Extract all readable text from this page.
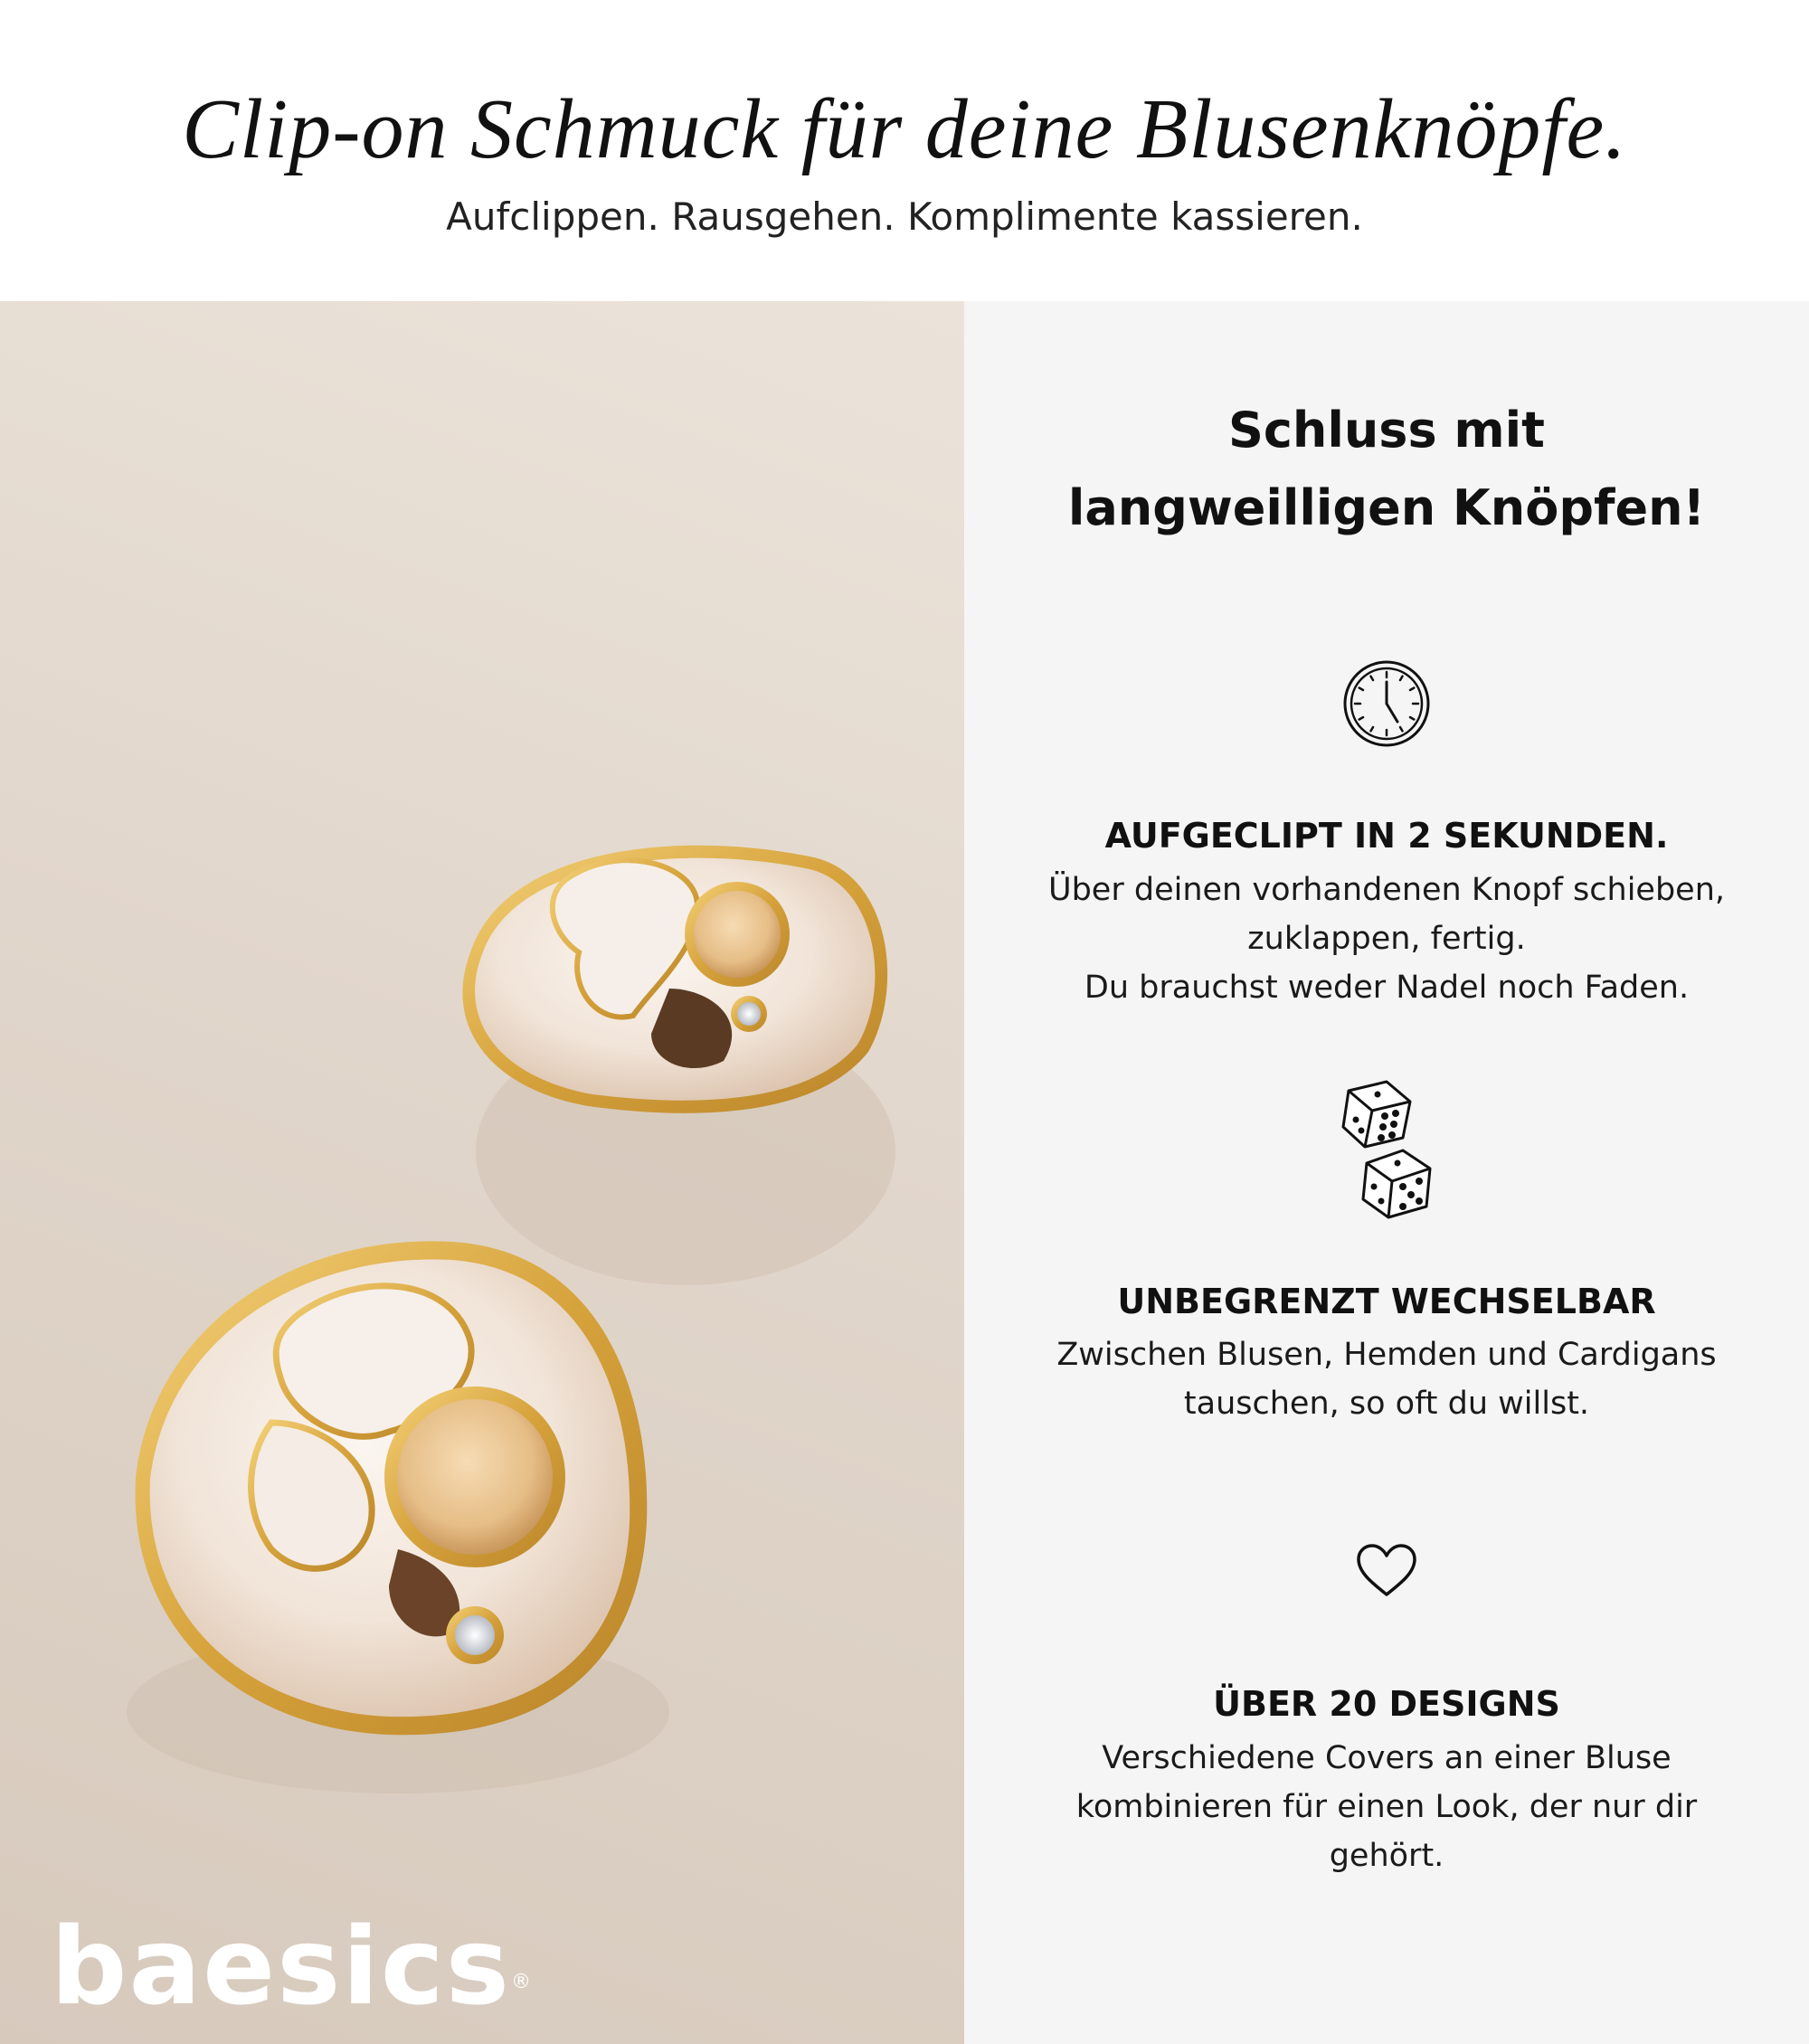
Clip-on Schmuck für deine Blusenknöpfe.
Aufclippen. Rausgehen. Komplimente kassieren.
baesics®
Schluss mit
langweilligen Knöpfen!
AUFGECLIPT IN 2 SEKUNDEN.
Über deinen vorhandenen Knopf schieben,
zuklappen, fertig.
Du brauchst weder Nadel noch Faden.
UNBEGRENZT WECHSELBAR
Zwischen Blusen, Hemden und Cardigans
tauschen, so oft du willst.
ÜBER 20 DESIGNS
Verschiedene Covers an einer Bluse
kombinieren für einen Look, der nur dir
gehört.
